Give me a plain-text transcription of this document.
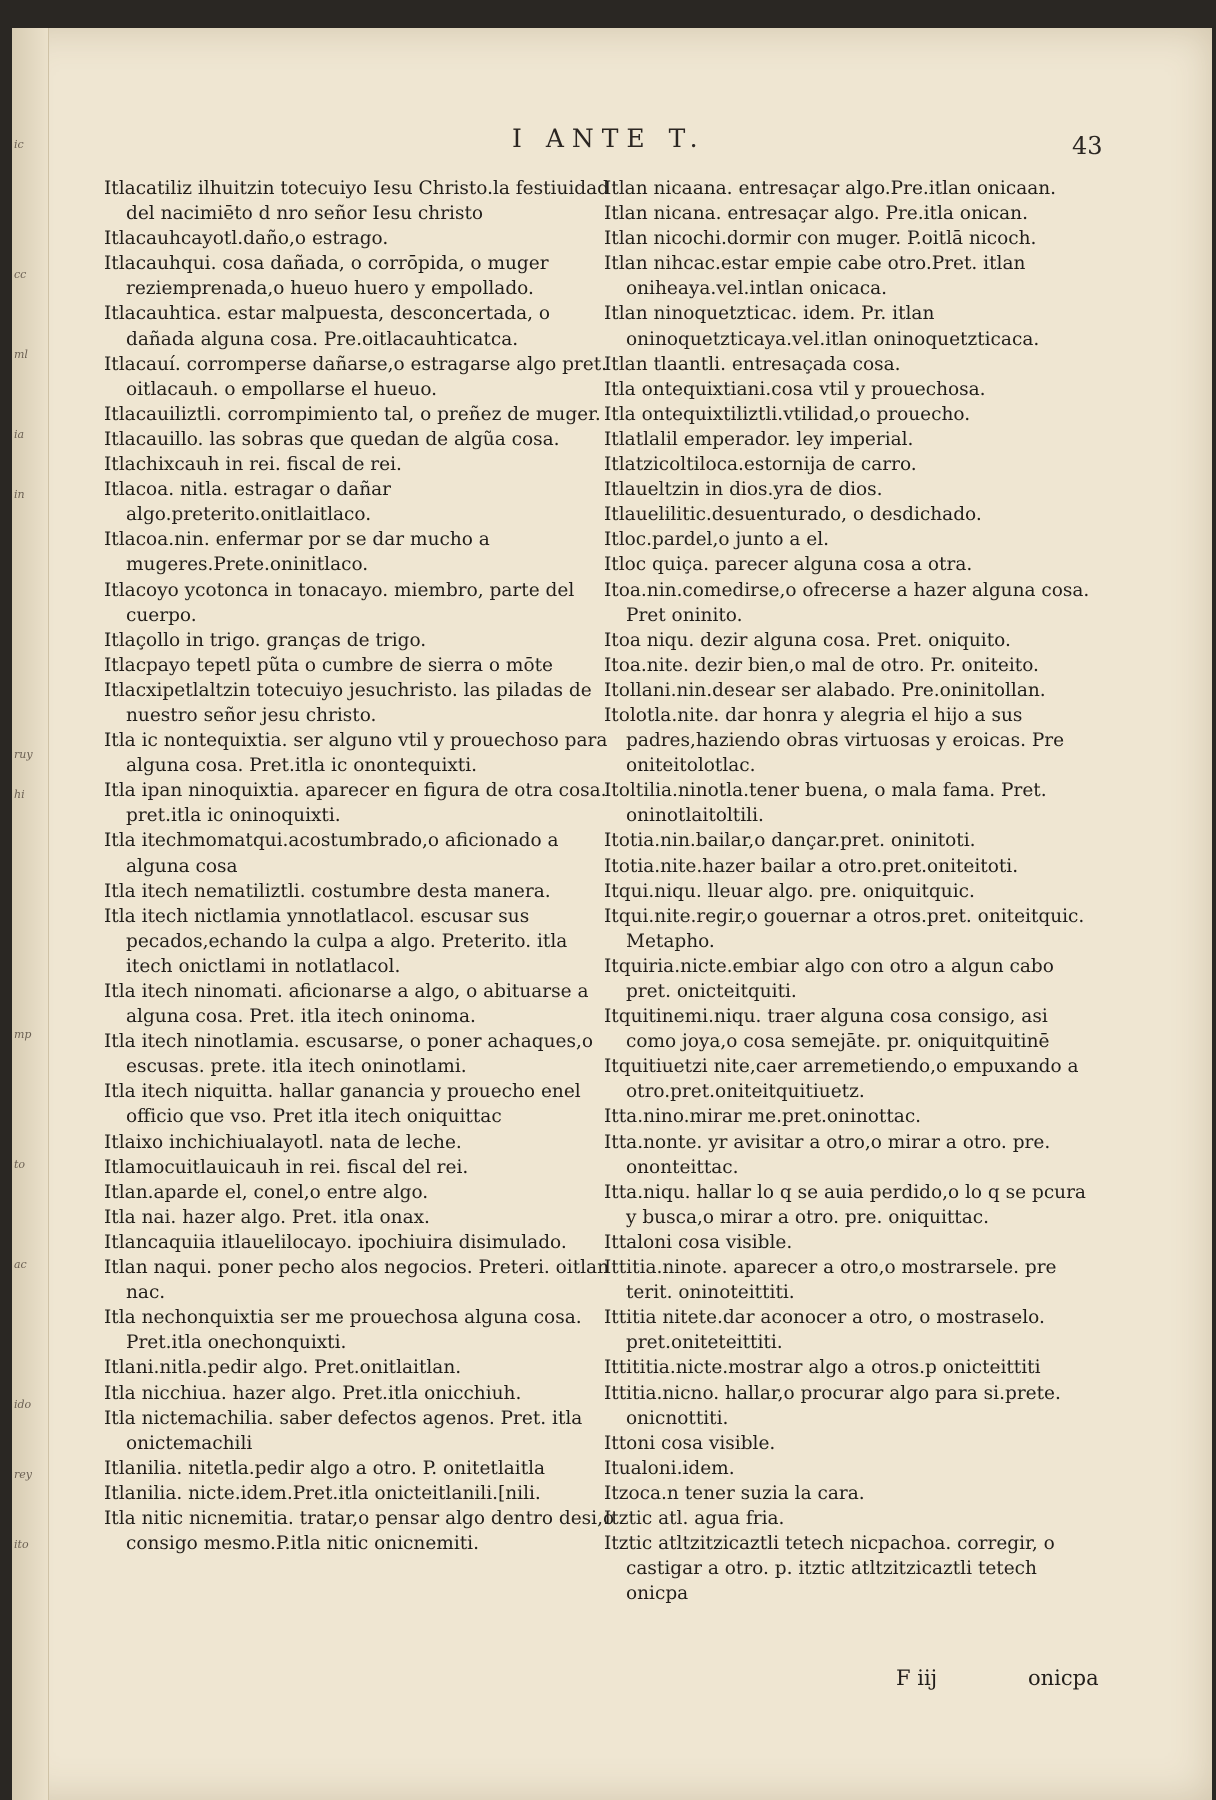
ic
cc
ml
ia
in
ruy
hi
mp
to
ac
ido
rey
ito
I ANTE T.	43

Itlacatiliz ilhuitzin totecuiyo Iesu Christo.la festiuidad del nacimiēto d nro señor Iesu christo

Itlacauhcayotl.daño,o estrago.

Itlacauhqui. cosa dañada, o corrōpida, o muger reziemprenada,o hueuo huero y empollado.

Itlacauhtica. estar malpuesta, desconcertada, o dañada alguna cosa. Pre.oitlacauhticatca.

Itlacauí. corromperse dañarse,o estragarse algo pret. oitlacauh. o empollarse el hueuo.

Itlacauiliztli. corrompimiento tal, o preñez de muger.

Itlacauillo. las sobras que quedan de algũa cosa.

Itlachixcauh in rei. fiscal de rei.

Itlacoa. nitla. estragar o dañar algo.preterito.onitlaitlaco.

Itlacoa.nin. enfermar por se dar mucho a mugeres.Prete.oninitlaco.

Itlacoyo ycotonca in tonacayo. miembro, parte del cuerpo.

Itlaçollo in trigo. granças de trigo.

Itlacpayo tepetl pũta o cumbre de sierra o mōte

Itlacxipetlaltzin totecuiyo jesuchristo. las piladas de nuestro señor jesu christo.

Itla ic nontequixtia. ser alguno vtil y prouechoso para alguna cosa. Pret.itla ic onontequixti.

Itla ipan ninoquixtia. aparecer en figura de otra cosa. pret.itla ic oninoquixti.

Itla itechmomatqui.acostumbrado,o aficionado a alguna cosa

Itla itech nematiliztli. costumbre desta manera.

Itla itech nictlamia ynnotlatlacol. escusar sus pecados,echando la culpa a algo. Preterito. itla itech onictlami in notlatlacol.

Itla itech ninomati. aficionarse a algo, o abituarse a alguna cosa. Pret. itla itech oninoma.

Itla itech ninotlamia. escusarse, o poner achaques,o escusas. prete. itla itech oninotlami.

Itla itech niquitta. hallar ganancia y prouecho enel officio que vso. Pret itla itech oniquittac

Itlaixo inchichiualayotl. nata de leche.

Itlamocuitlauicauh in rei. fiscal del rei.

Itlan.aparde el, conel,o entre algo.

Itla nai. hazer algo. Pret. itla onax.

Itlancaquiia itlauelilocayo. ipochiuira disimulado.

Itlan naqui. poner pecho alos negocios. Preteri. oitlan nac.

Itla nechonquixtia ser me prouechosa alguna cosa. Pret.itla onechonquixti.

Itlani.nitla.pedir algo. Pret.onitlaitlan.

Itla nicchiua. hazer algo. Pret.itla onicchiuh.

Itla nictemachilia. saber defectos agenos. Pret. itla onictemachili

Itlanilia. nitetla.pedir algo a otro. P. onitetlaitla

Itlanilia. nicte.idem.Pret.itla onicteitlanili.[nili.

Itla nitic nicnemitia. tratar,o pensar algo dentro desi,o consigo mesmo.P.itla nitic onicnemiti.

Itlan nicaana. entresaçar algo.Pre.itlan onicaan.

Itlan nicana. entresaçar algo. Pre.itla onican.

Itlan nicochi.dormir con muger. P.oitlā nicoch.

Itlan nihcac.estar empie cabe otro.Pret. itlan oniheaya.vel.intlan onicaca.

Itlan ninoquetzticac. idem. Pr. itlan oninoquetzticaya.vel.itlan oninoquetzticaca.

Itlan tlaantli. entresaçada cosa.

Itla ontequixtiani.cosa vtil y prouechosa.

Itla ontequixtiliztli.vtilidad,o prouecho.

Itlatlalil emperador. ley imperial.

Itlatzicoltiloca.estornija de carro.

Itlaueltzin in dios.yra de dios.

Itlauelilitic.desuenturado, o desdichado.

Itloc.pardel,o junto a el.

Itloc quiça. parecer alguna cosa a otra.

Itoa.nin.comedirse,o ofrecerse a hazer alguna cosa. Pret oninito.

Itoa niqu. dezir alguna cosa. Pret. oniquito.

Itoa.nite. dezir bien,o mal de otro. Pr. oniteito.

Itollani.nin.desear ser alabado. Pre.oninitollan.

Itolotla.nite. dar honra y alegria el hijo a sus padres,haziendo obras virtuosas y eroicas. Pre oniteitolotlac.

Itoltilia.ninotla.tener buena, o mala fama. Pret. oninotlaitoltili.

Itotia.nin.bailar,o dançar.pret. oninitoti.

Itotia.nite.hazer bailar a otro.pret.oniteitoti.

Itqui.niqu. lleuar algo. pre. oniquitquic.

Itqui.nite.regir,o gouernar a otros.pret. oniteitquic. Metapho.

Itquiria.nicte.embiar algo con otro a algun cabo pret. onicteitquiti.

Itquitinemi.niqu. traer alguna cosa consigo, asi como joya,o cosa semejāte. pr. oniquitquitinē

Itquitiuetzi nite,caer arremetiendo,o empuxando a otro.pret.oniteitquitiuetz.

Itta.nino.mirar me.pret.oninottac.

Itta.nonte. yr avisitar a otro,o mirar a otro. pre. ononteittac.

Itta.niqu. hallar lo q se auia perdido,o lo q se pcura y busca,o mirar a otro. pre. oniquittac.

Ittaloni cosa visible.

Ittitia.ninote. aparecer a otro,o mostrarsele. pre terit. oninoteittiti.

Ittitia nitete.dar aconocer a otro, o mostraselo. pret.oniteteittiti.

Ittititia.nicte.mostrar algo a otros.p onicteittiti

Ittitia.nicno. hallar,o procurar algo para si.prete. onicnottiti.

Ittoni cosa visible.

Itualoni.idem.

Itzoca.n tener suzia la cara.

Itztic atl. agua fria.

Itztic atltzitzicaztli tetech nicpachoa. corregir, o castigar a otro. p. itztic atltzitzicaztli tetech onicpa

F iij	onicpa
